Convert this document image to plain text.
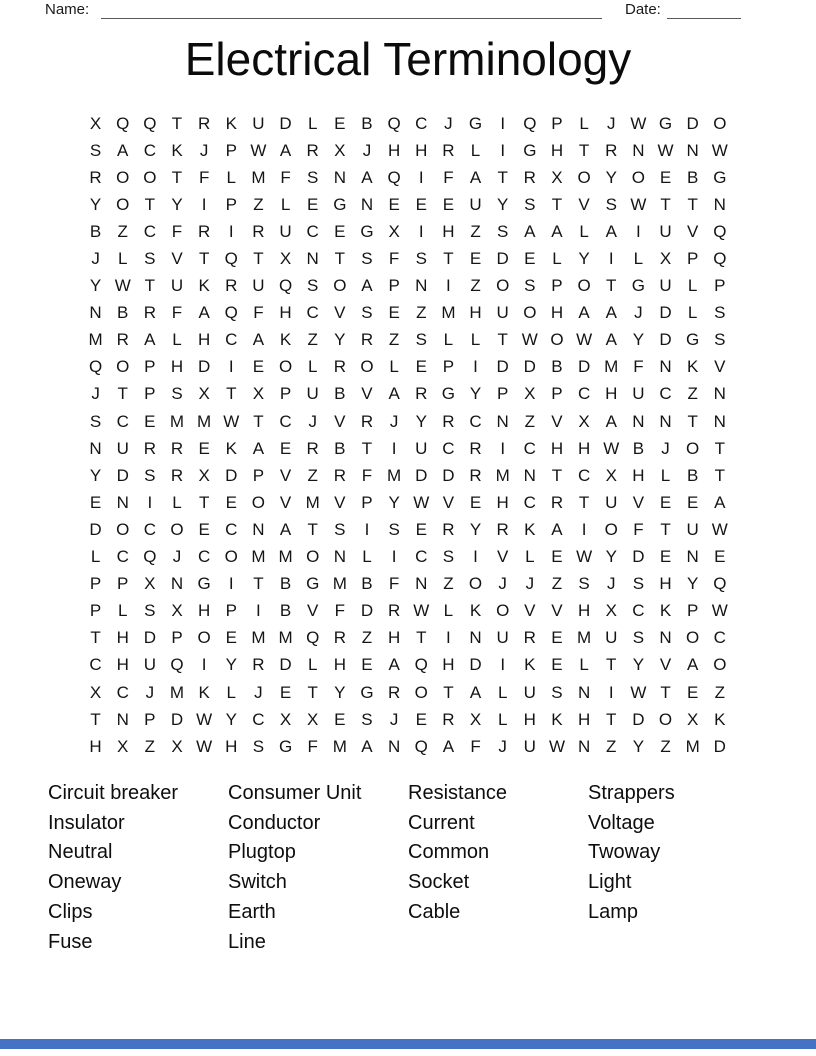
Name:	Date:
Electrical Terminology
X Q Q T R K U D L E B Q C J G	I	Q P L	J W G D O
S A C K	J	P W A R X	J H H R L	I	G H T R N W N W
R O O T F	L M F S N A Q	I	F A T R X O Y O E B G
Y O T Y	I	P Z	L E G N E E E U Y S T V S W T T N
B Z C F R	I	R U C E G X	I	H Z S A A L A	I	U V Q
J	L S V T Q T X N T S F S T E D E L Y	I	L X P Q
Y W T U K R U Q S O A P N	I	Z O S P O T G U L P
N B R F A Q F H C V S E Z M H U O H A A	J D L S
M R A L H C A K Z Y R Z S L	L	T W O W A Y D G S
Q O P H D	I	E O L R O L E P	I	D D B D M F N K V
J	T P S X T X P U B V A R G Y P X P C H U C Z N
S C E M M W T C J	V R J	Y R C N Z V X A N N T N
N U R R E K A E R B T	I	U C R	I	C H H W B	J O T
Y D S R X D P V Z R F M D D R M N T C X H L B T
E N	I	L	T E O V M V P Y W V E H C R T U V E E A
D O C O E C N A T S	I	S E R Y R K A	I	O F T U W
L C Q J C O M M O N L	I	C S	I	V L E W Y D E N E
P P X N G	I	T B G M B F N Z O J	J	Z S	J	S H Y Q
P L S X H P	I	B V F D R W L K O V V H X C K P W
T H D P O E M M Q R Z H T	I	N U R E M U S N O C
C H U Q	I	Y R D L H E A Q H D	I	K E L	T Y V A O
X C J M K L	J	E T Y G R O T A L U S N	I W T E Z
T N P D W Y C X X E S	J	E R X L H K H T D O X K
H X Z X W H S G F M A N Q A F	J U W N Z Y Z M D
Circuit breaker
Insulator
Neutral
Oneway
Clips
Fuse
Consumer Unit
Conductor
Plugtop
Switch
Earth
Line
Resistance
Current
Common
Socket
Cable
Strappers
Voltage
Twoway
Light
Lamp
